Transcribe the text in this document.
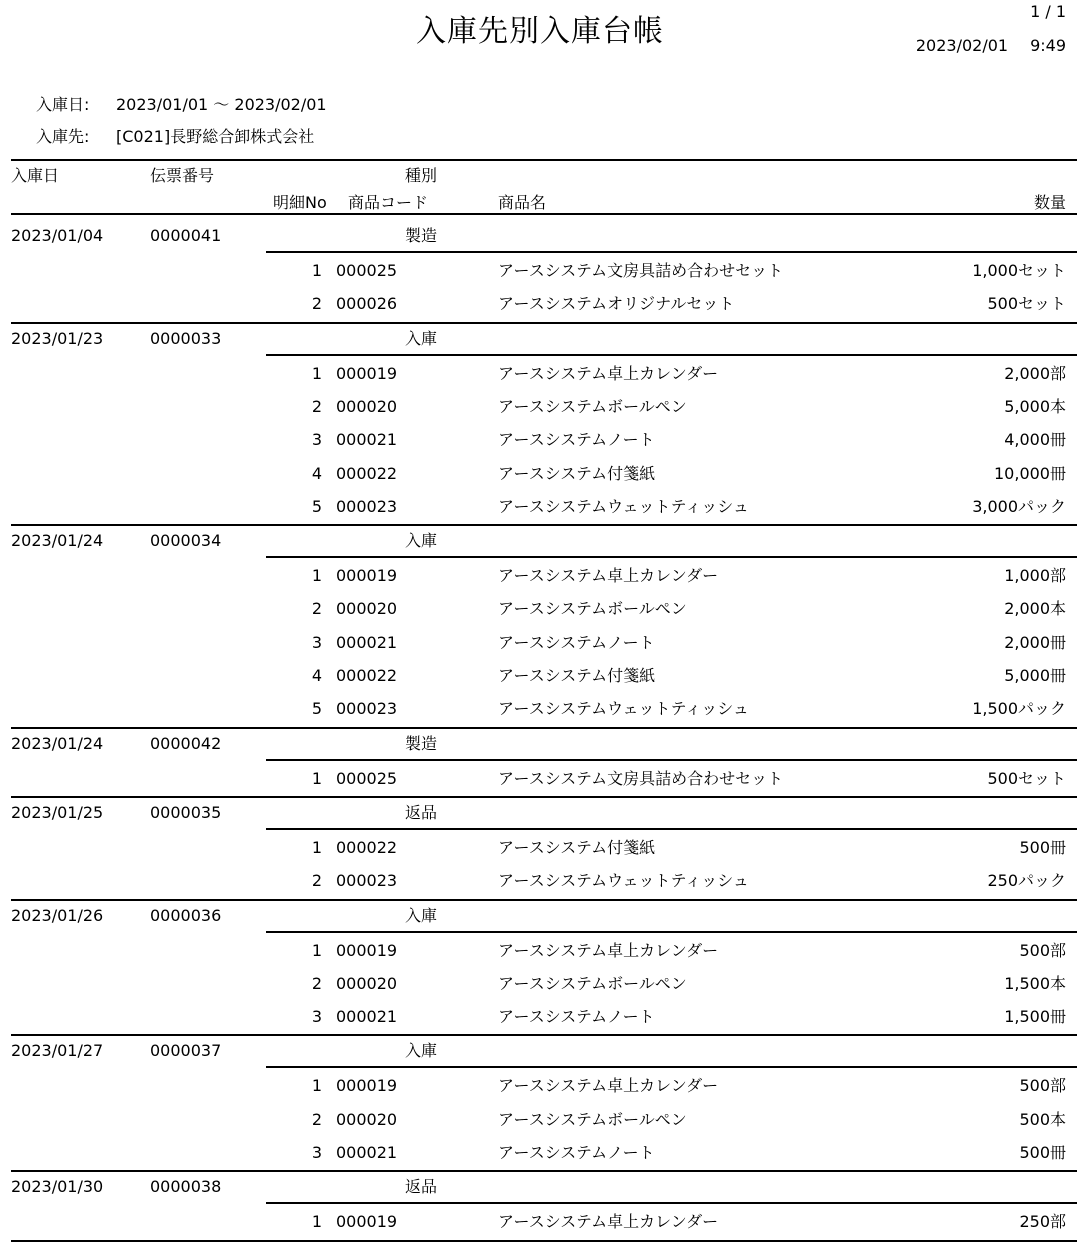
入庫先別入庫台帳
1 / 1
2023/02/01 9:49
入庫日: 2023/01/01 ～ 2023/02/01
入庫先: [C021]長野総合卸株式会社
入庫日	伝票番号	種別
明細No 商品コード	商品名	数量
2023/01/04	0000041	製造
1 000025	アースシステム文房具詰め合わせセット	1,000セット
2 000026	アースシステムオリジナルセット	500セット
2023/01/23	0000033	入庫
1 000019	アースシステム卓上カレンダー	2,000部
2 000020	アースシステムボールペン	5,000本
3 000021	アースシステムノート	4,000冊
4 000022	アースシステム付箋紙	10,000冊
5 000023	アースシステムウェットティッシュ	3,000パック
2023/01/24	0000034	入庫
1 000019	アースシステム卓上カレンダー	1,000部
2 000020	アースシステムボールペン	2,000本
3 000021	アースシステムノート	2,000冊
4 000022	アースシステム付箋紙	5,000冊
5 000023	アースシステムウェットティッシュ	1,500パック
2023/01/24	0000042	製造
1 000025	アースシステム文房具詰め合わせセット	500セット
2023/01/25	0000035	返品
1 000022	アースシステム付箋紙	500冊
2 000023	アースシステムウェットティッシュ	250パック
2023/01/26	0000036	入庫
1 000019	アースシステム卓上カレンダー	500部
2 000020	アースシステムボールペン	1,500本
3 000021	アースシステムノート	1,500冊
2023/01/27	0000037	入庫
1 000019	アースシステム卓上カレンダー	500部
2 000020	アースシステムボールペン	500本
3 000021	アースシステムノート	500冊
2023/01/30	0000038	返品
1 000019	アースシステム卓上カレンダー	250部
